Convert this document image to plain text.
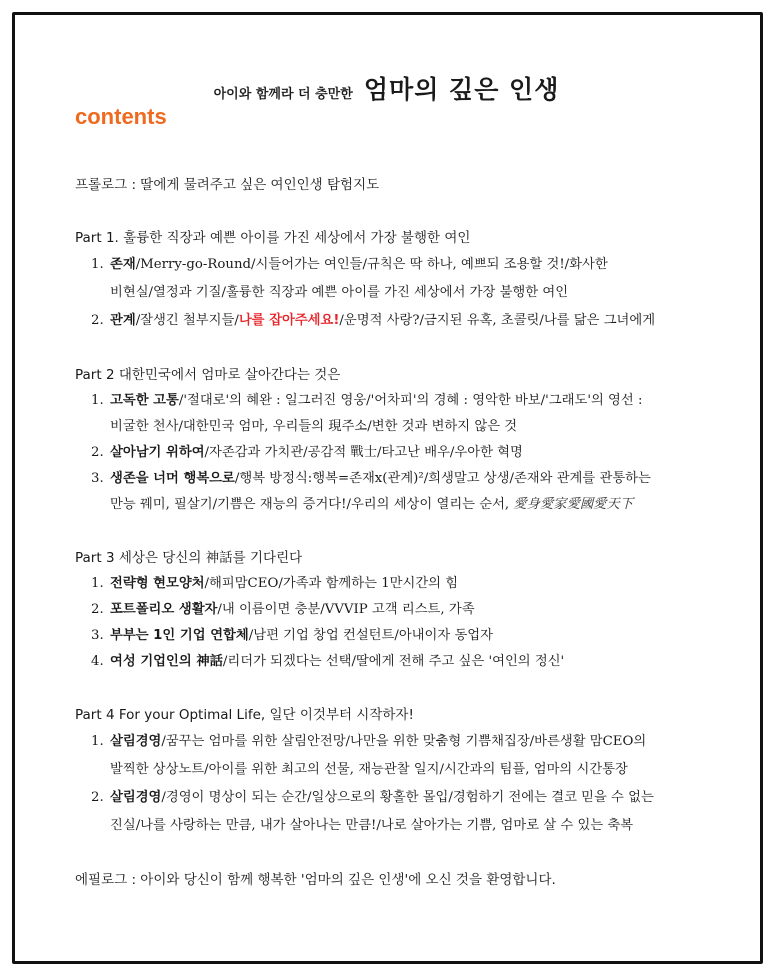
아이와 함께라 더 충만한 엄마의 깊은 인생
contents
프롤로그 : 딸에게 물려주고 싶은 여인인생 탐험지도
Part 1. 훌륭한 직장과 예쁜 아이를 가진 세상에서 가장 불행한 여인
1. 존재/Merry-go-Round/시들어가는 여인들/규칙은 딱 하나, 예쁘되 조용할 것!/화사한
비현실/열정과 기질/훌륭한 직장과 예쁜 아이를 가진 세상에서 가장 불행한 여인
2. 관계/잘생긴 철부지들/나를 잡아주세요!/운명적 사랑?/금지된 유혹, 초콜릿/나를 닮은 그녀에게
Part 2 대한민국에서 엄마로 살아간다는 것은
1. 고독한 고통/'절대로'의 혜완 : 일그러진 영웅/'어차피'의 경혜 : 영악한 바보/'그래도'의 영선 :
비굴한 천사/대한민국 엄마, 우리들의 現주소/변한 것과 변하지 않은 것
2. 살아남기 위하여/자존감과 가치관/공감적 戰士/타고난 배우/우아한 혁명
3. 생존을 너머 행복으로/행복 방정식:행복=존재x(관계)²/희생말고 상생/존재와 관계를 관통하는
만능 꿰미, 필살기/기쁨은 재능의 증거다!/우리의 세상이 열리는 순서, 愛身愛家愛國愛天下
Part 3 세상은 당신의 神話를 기다린다
1. 전략형 현모양처/해피맘CEO/가족과 함께하는 1만시간의 힘
2. 포트폴리오 생활자/내 이름이면 충분/VVVIP 고객 리스트, 가족
3. 부부는 1인 기업 연합체/남편 기업 창업 컨설턴트/아내이자 동업자
4. 여성 기업인의 神話/리더가 되겠다는 선택/딸에게 전해 주고 싶은 '여인의 정신'
Part 4 For your Optimal Life, 일단 이것부터 시작하자!
1. 살림경영/꿈꾸는 엄마를 위한 살림안전망/나만을 위한 맞춤형 기쁨채집장/바른생활 맘CEO의
발찍한 상상노트/아이를 위한 최고의 선물, 재능관찰 일지/시간과의 팀플, 엄마의 시간통장
2. 살림경영/경영이 명상이 되는 순간/일상으로의 황홀한 몰입/경험하기 전에는 결코 믿을 수 없는
진실/나를 사랑하는 만큼, 내가 살아나는 만큼!/나로 살아가는 기쁨, 엄마로 살 수 있는 축복
에필로그 : 아이와 당신이 함께 행복한 '엄마의 깊은 인생'에 오신 것을 환영합니다.
